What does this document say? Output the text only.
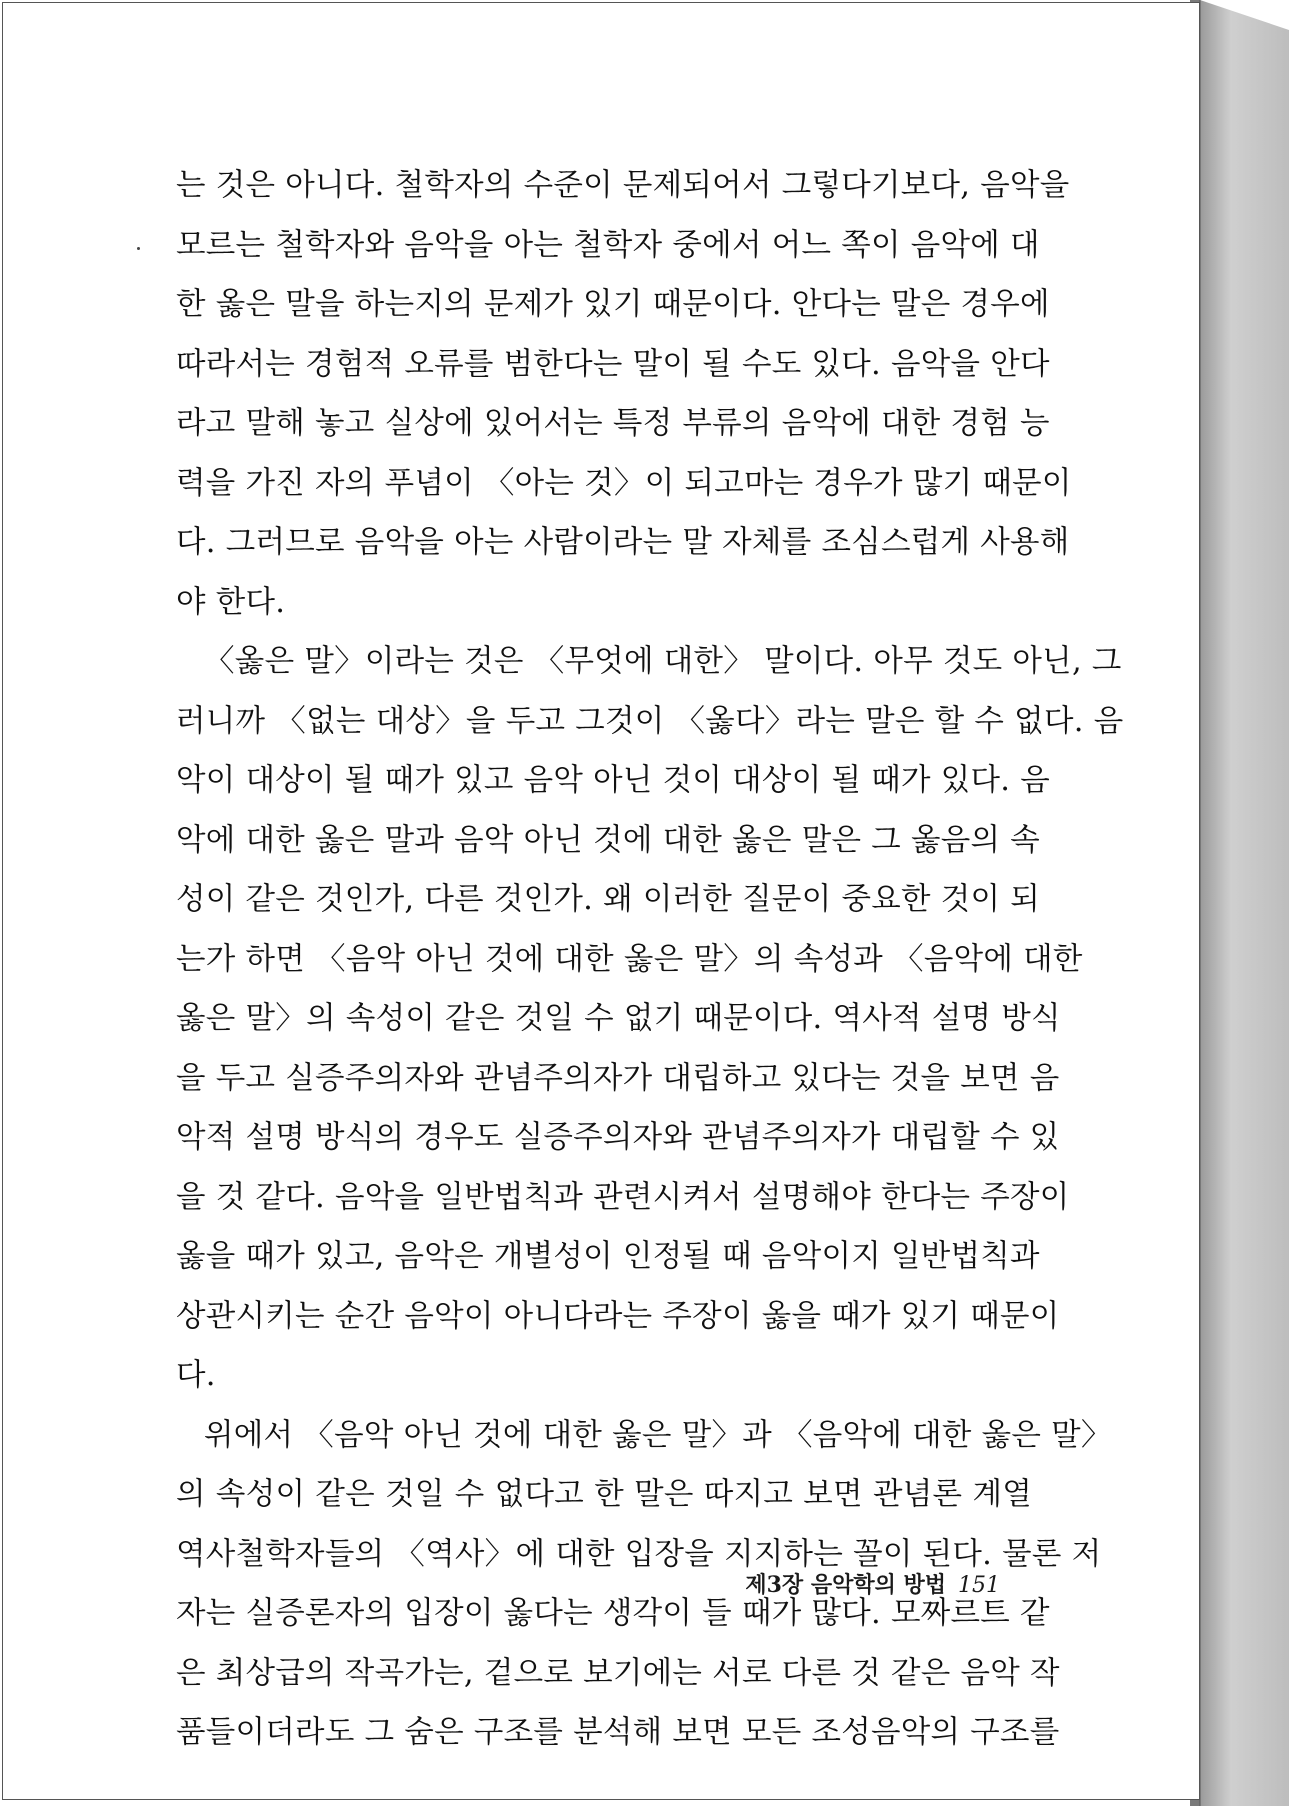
는 것은 아니다. 철학자의 수준이 문제되어서 그렇다기보다, 음악을
모르는 철학자와 음악을 아는 철학자 중에서 어느 쪽이 음악에 대
한 옳은 말을 하는지의 문제가 있기 때문이다. 안다는 말은 경우에
따라서는 경험적 오류를 범한다는 말이 될 수도 있다. 음악을 안다
라고 말해 놓고 실상에 있어서는 특정 부류의 음악에 대한 경험 능
력을 가진 자의 푸념이 〈아는 것〉이 되고마는 경우가 많기 때문이
다. 그러므로 음악을 아는 사람이라는 말 자체를 조심스럽게 사용해
야 한다.
〈옳은 말〉이라는 것은 〈무엇에 대한〉 말이다. 아무 것도 아닌, 그
러니까 〈없는 대상〉을 두고 그것이 〈옳다〉라는 말은 할 수 없다. 음
악이 대상이 될 때가 있고 음악 아닌 것이 대상이 될 때가 있다. 음
악에 대한 옳은 말과 음악 아닌 것에 대한 옳은 말은 그 옳음의 속
성이 같은 것인가, 다른 것인가. 왜 이러한 질문이 중요한 것이 되
는가 하면 〈음악 아닌 것에 대한 옳은 말〉의 속성과 〈음악에 대한
옳은 말〉의 속성이 같은 것일 수 없기 때문이다. 역사적 설명 방식
을 두고 실증주의자와 관념주의자가 대립하고 있다는 것을 보면 음
악적 설명 방식의 경우도 실증주의자와 관념주의자가 대립할 수 있
을 것 같다. 음악을 일반법칙과 관련시켜서 설명해야 한다는 주장이
옳을 때가 있고, 음악은 개별성이 인정될 때 음악이지 일반법칙과
상관시키는 순간 음악이 아니다라는 주장이 옳을 때가 있기 때문이
다.
위에서 〈음악 아닌 것에 대한 옳은 말〉과 〈음악에 대한 옳은 말〉
의 속성이 같은 것일 수 없다고 한 말은 따지고 보면 관념론 계열
역사철학자들의 〈역사〉에 대한 입장을 지지하는 꼴이 된다. 물론 저
자는 실증론자의 입장이 옳다는 생각이 들 때가 많다. 모짜르트 같
은 최상급의 작곡가는, 겉으로 보기에는 서로 다른 것 같은 음악 작
품들이더라도 그 숨은 구조를 분석해 보면 모든 조성음악의 구조를
제3장 음악학의 방법 151
